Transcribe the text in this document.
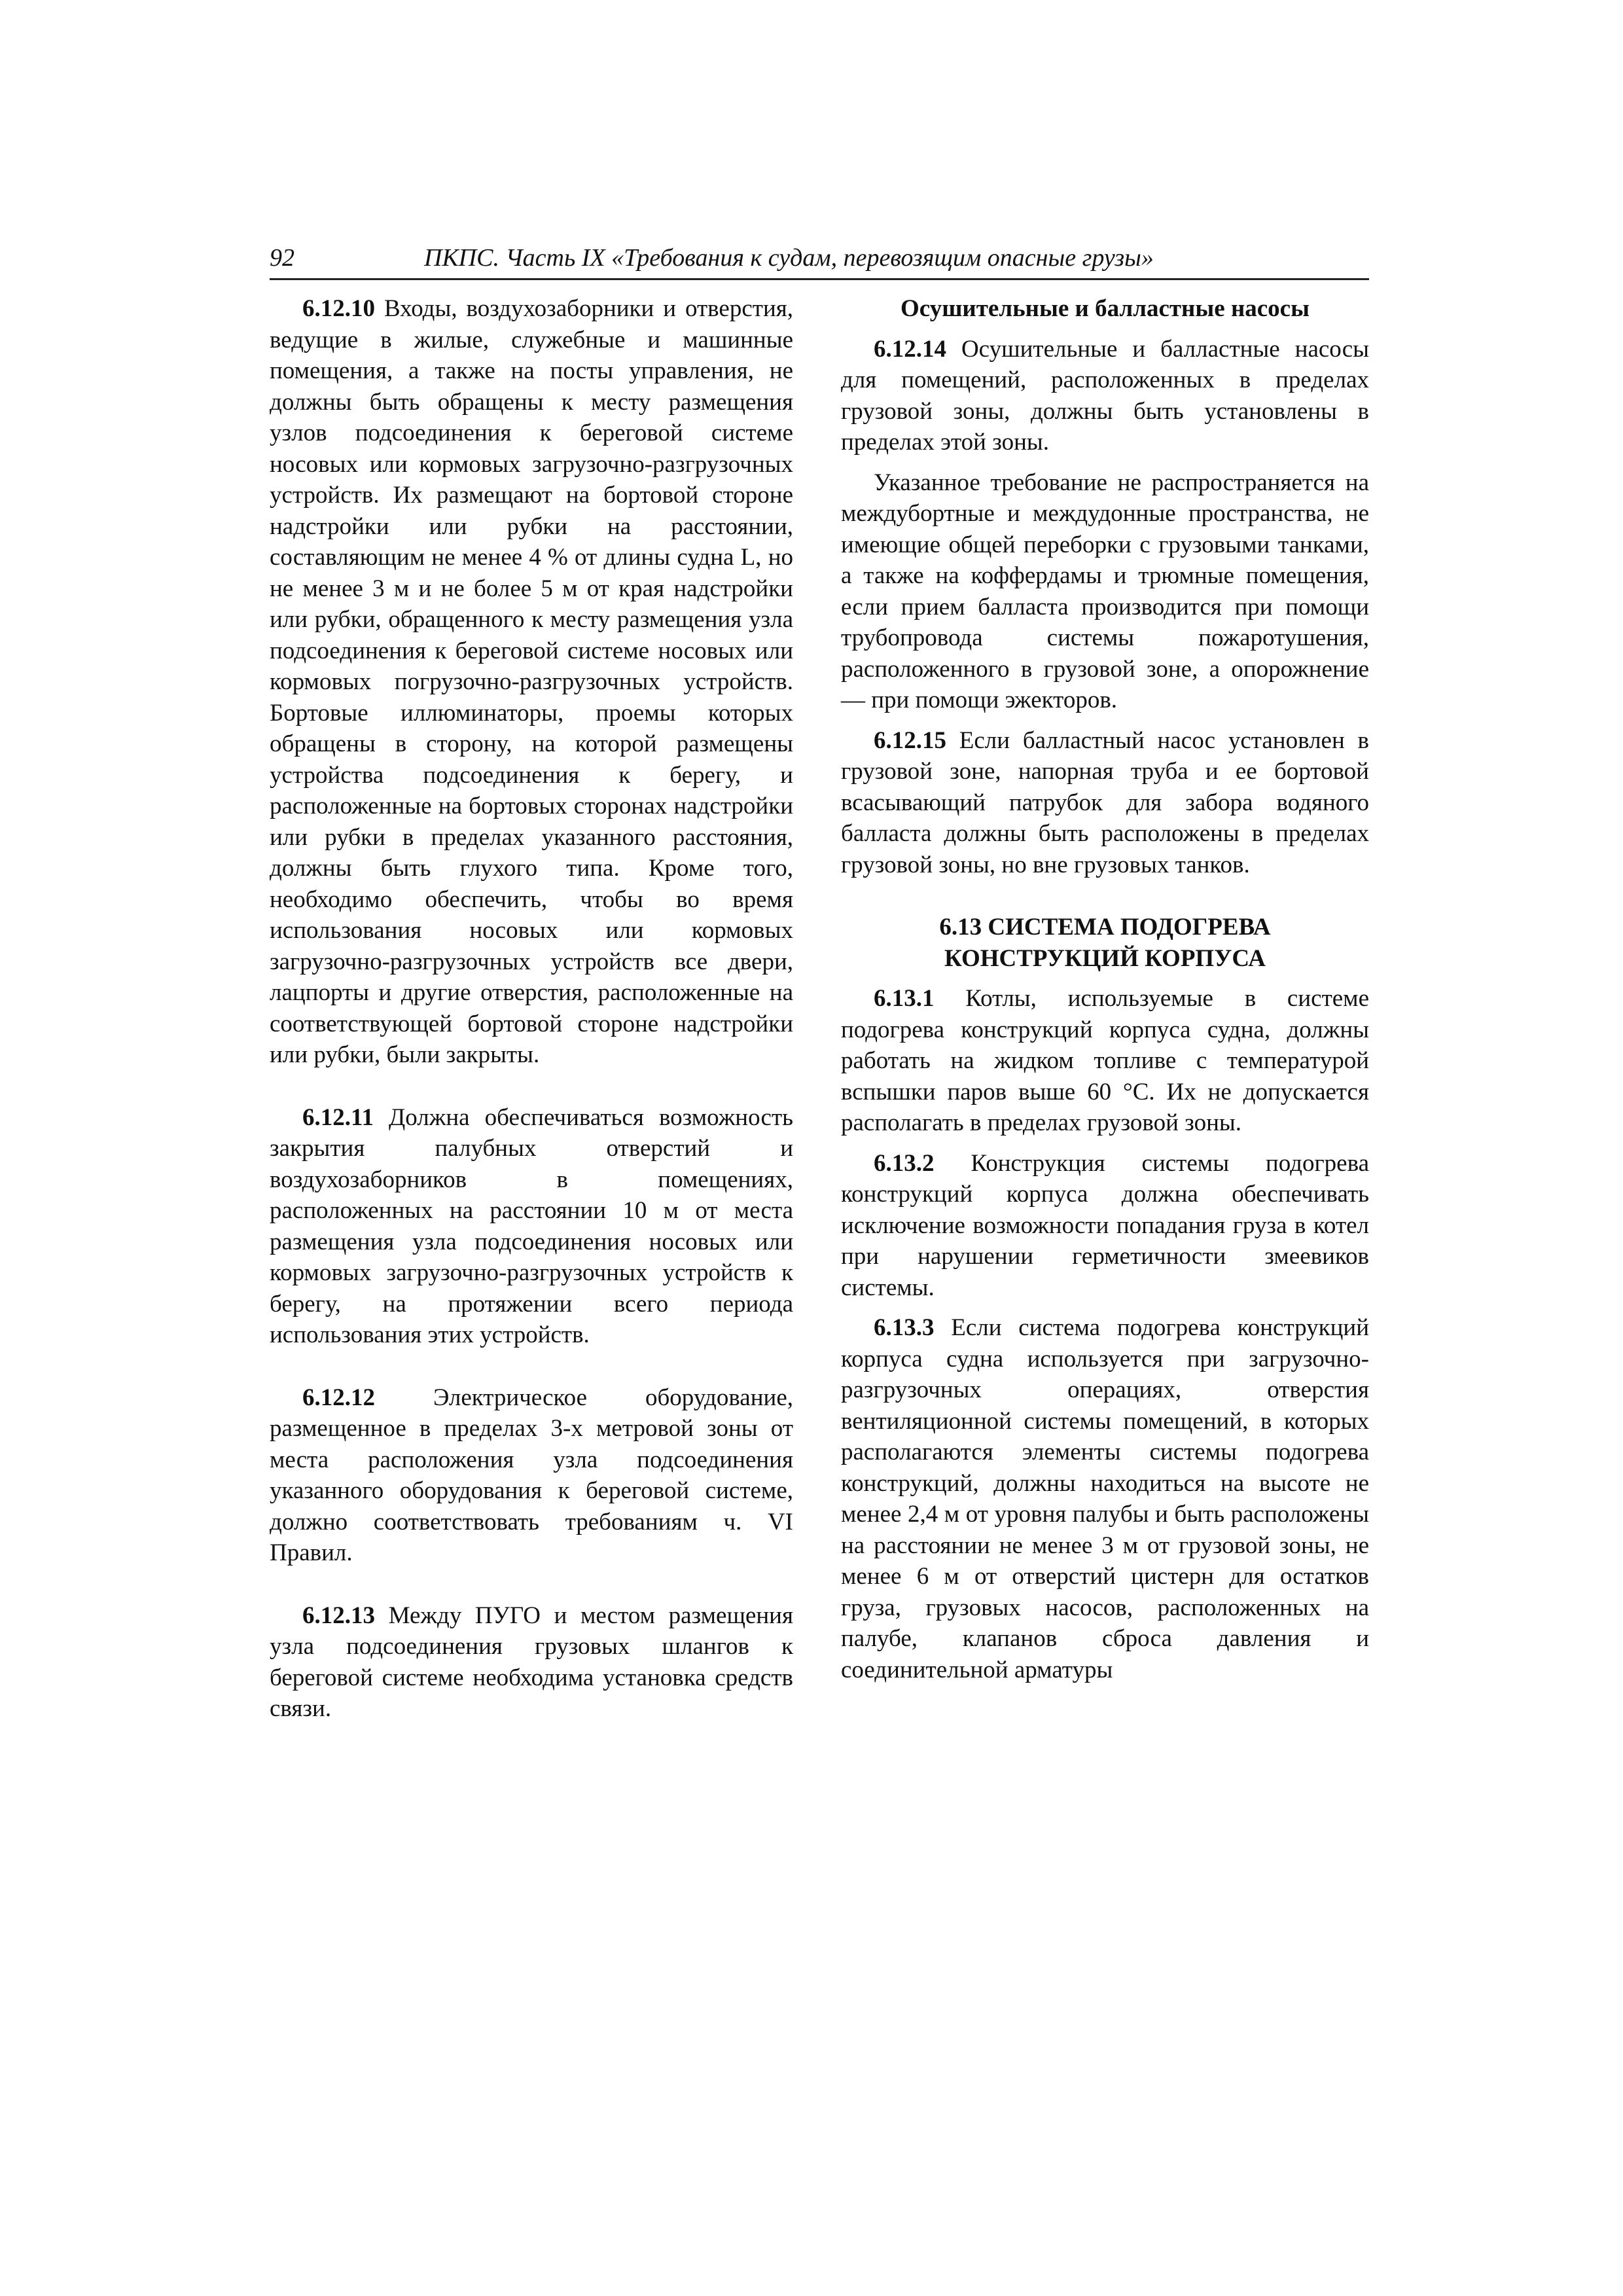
92	ПКПС. Часть IX «Требования к судам, перевозящим опасные грузы»

6.12.10 Входы, воздухозаборники и отверстия, ведущие в жилые, служебные и машинные помещения, а также на посты управления, не должны быть обращены к месту размещения узлов подсоединения к береговой системе носовых или кормовых загрузочно-разгрузочных устройств. Их размещают на бортовой стороне надстройки или рубки на расстоянии, составляющим не менее 4 % от длины судна L, но не менее 3 м и не более 5 м от края надстройки или рубки, обращенного к месту размещения узла подсоединения к береговой системе носовых или кормовых погрузочно-разгрузочных устройств. Бортовые иллюминаторы, проемы которых обращены в сторону, на которой размещены устройства подсоединения к берегу, и расположенные на бортовых сторонах надстройки или рубки в пределах указанного расстояния, должны быть глухого типа. Кроме того, необходимо обеспечить, чтобы во время использования носовых или кормовых загрузочно-разгрузочных устройств все двери, лацпорты и другие отверстия, расположенные на соответствующей бортовой стороне надстройки или рубки, были закрыты.

6.12.11 Должна обеспечиваться возможность закрытия палубных отверстий и воздухозаборников в помещениях, расположенных на расстоянии 10 м от места размещения узла подсоединения носовых или кормовых загрузочно-разгрузочных устройств к берегу, на протяжении всего периода использования этих устройств.

6.12.12 Электрическое оборудование, размещенное в пределах 3-х метровой зоны от места расположения узла подсоединения указанного оборудования к береговой системе, должно соответствовать требованиям ч. VI Правил.

6.12.13 Между ПУГО и местом размещения узла подсоединения грузовых шлангов к береговой системе необходима установка средств связи.

Осушительные и балластные насосы

6.12.14 Осушительные и балластные насосы для помещений, расположенных в пределах грузовой зоны, должны быть установлены в пределах этой зоны.

Указанное требование не распространяется на междубортные и междудонные пространства, не имеющие общей переборки с грузовыми танками, а также на коффердамы и трюмные помещения, если прием балласта производится при помощи трубопровода системы пожаротушения, расположенного в грузовой зоне, а опорожнение — при помощи эжекторов.

6.12.15 Если балластный насос установлен в грузовой зоне, напорная труба и ее бортовой всасывающий патрубок для забора водяного балласта должны быть расположены в пределах грузовой зоны, но вне грузовых танков.

6.13 СИСТЕМА ПОДОГРЕВА
КОНСТРУКЦИЙ КОРПУСА

6.13.1 Котлы, используемые в системе подогрева конструкций корпуса судна, должны работать на жидком топливе с температурой вспышки паров выше 60 °С. Их не допускается располагать в пределах грузовой зоны.

6.13.2 Конструкция системы подогрева конструкций корпуса должна обеспечивать исключение возможности попадания груза в котел при нарушении герметичности змеевиков системы.

6.13.3 Если система подогрева конструкций корпуса судна используется при загрузочно-разгрузочных операциях, отверстия вентиляционной системы помещений, в которых располагаются элементы системы подогрева конструкций, должны находиться на высоте не менее 2,4 м от уровня палубы и быть расположены на расстоянии не менее 3 м от грузовой зоны, не менее 6 м от отверстий цистерн для остатков груза, грузовых насосов, расположенных на палубе, клапанов сброса давления и соединительной арматуры
